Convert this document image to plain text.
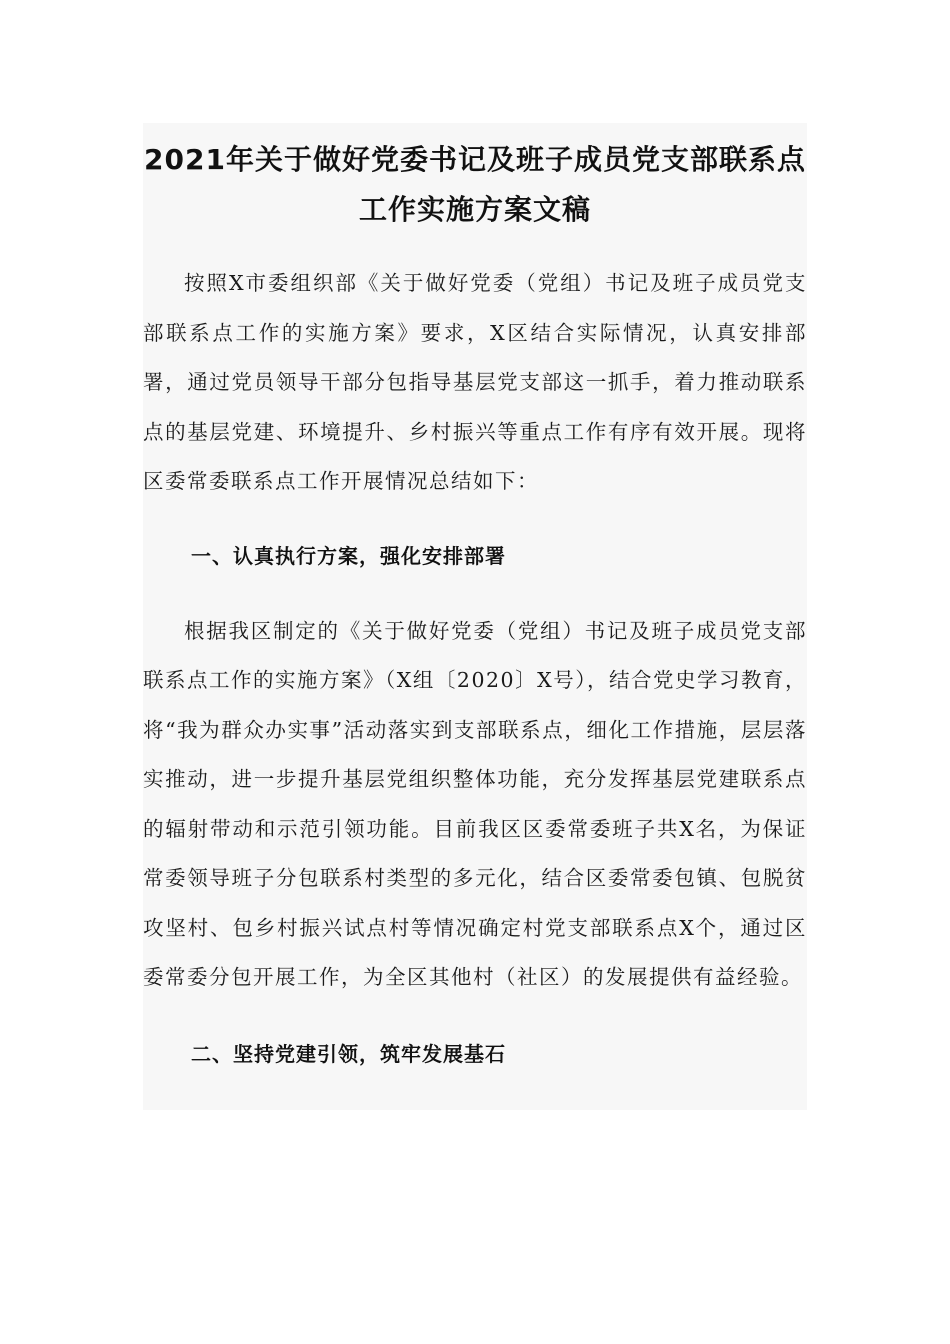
2021年关于做好党委书记及班子成员党支部联系点
工作实施方案文稿

按照X市委组织部《关于做好党委（党组）书记及班子成员党支部联系点工作的实施方案》要求，X区结合实际情况，认真安排部署，通过党员领导干部分包指导基层党支部这一抓手，着力推动联系点的基层党建、环境提升、乡村振兴等重点工作有序有效开展。现将区委常委联系点工作开展情况总结如下：

一、认真执行方案，强化安排部署

根据我区制定的《关于做好党委（党组）书记及班子成员党支部联系点工作的实施方案》（X组〔2020〕X号），结合党史学习教育，将“我为群众办实事”活动落实到支部联系点，细化工作措施，层层落实推动，进一步提升基层党组织整体功能，充分发挥基层党建联系点的辐射带动和示范引领功能。目前我区区委常委班子共X名，为保证常委领导班子分包联系村类型的多元化，结合区委常委包镇、包脱贫攻坚村、包乡村振兴试点村等情况确定村党支部联系点X个，通过区委常委分包开展工作，为全区其他村（社区）的发展提供有益经验。

二、坚持党建引领，筑牢发展基石
